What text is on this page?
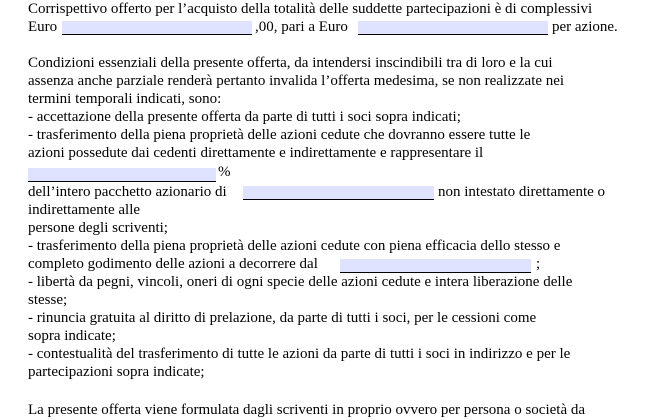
Corrispettivo offerto per l’acquisto della totalità delle suddette partecipazioni è di complessivi
Euro	,00, pari a Euro	per azione.
Condizioni essenziali della presente offerta, da intendersi inscindibili tra di loro e la cui
assenza anche parziale renderà pertanto invalida l’offerta medesima, se non realizzate nei
termini temporali indicati, sono:
- accettazione della presente offerta da parte di tutti i soci sopra indicati;
- trasferimento della piena proprietà delle azioni cedute che dovranno essere tutte le
azioni possedute dai cedenti direttamente e indirettamente e rappresentare il
%
dell’intero pacchetto azionario di	non intestato direttamente o
indirettamente alle
persone degli scriventi;
- trasferimento della piena proprietà delle azioni cedute con piena efficacia dello stesso e
completo godimento delle azioni a decorrere dal	;
- libertà da pegni, vincoli, oneri di ogni specie delle azioni cedute e intera liberazione delle
stesse;
- rinuncia gratuita al diritto di prelazione, da parte di tutti i soci, per le cessioni come
sopra indicate;
- contestualità del trasferimento di tutte le azioni da parte di tutti i soci in indirizzo e per le
partecipazioni sopra indicate;
La presente offerta viene formulata dagli scriventi in proprio ovvero per persona o società da
